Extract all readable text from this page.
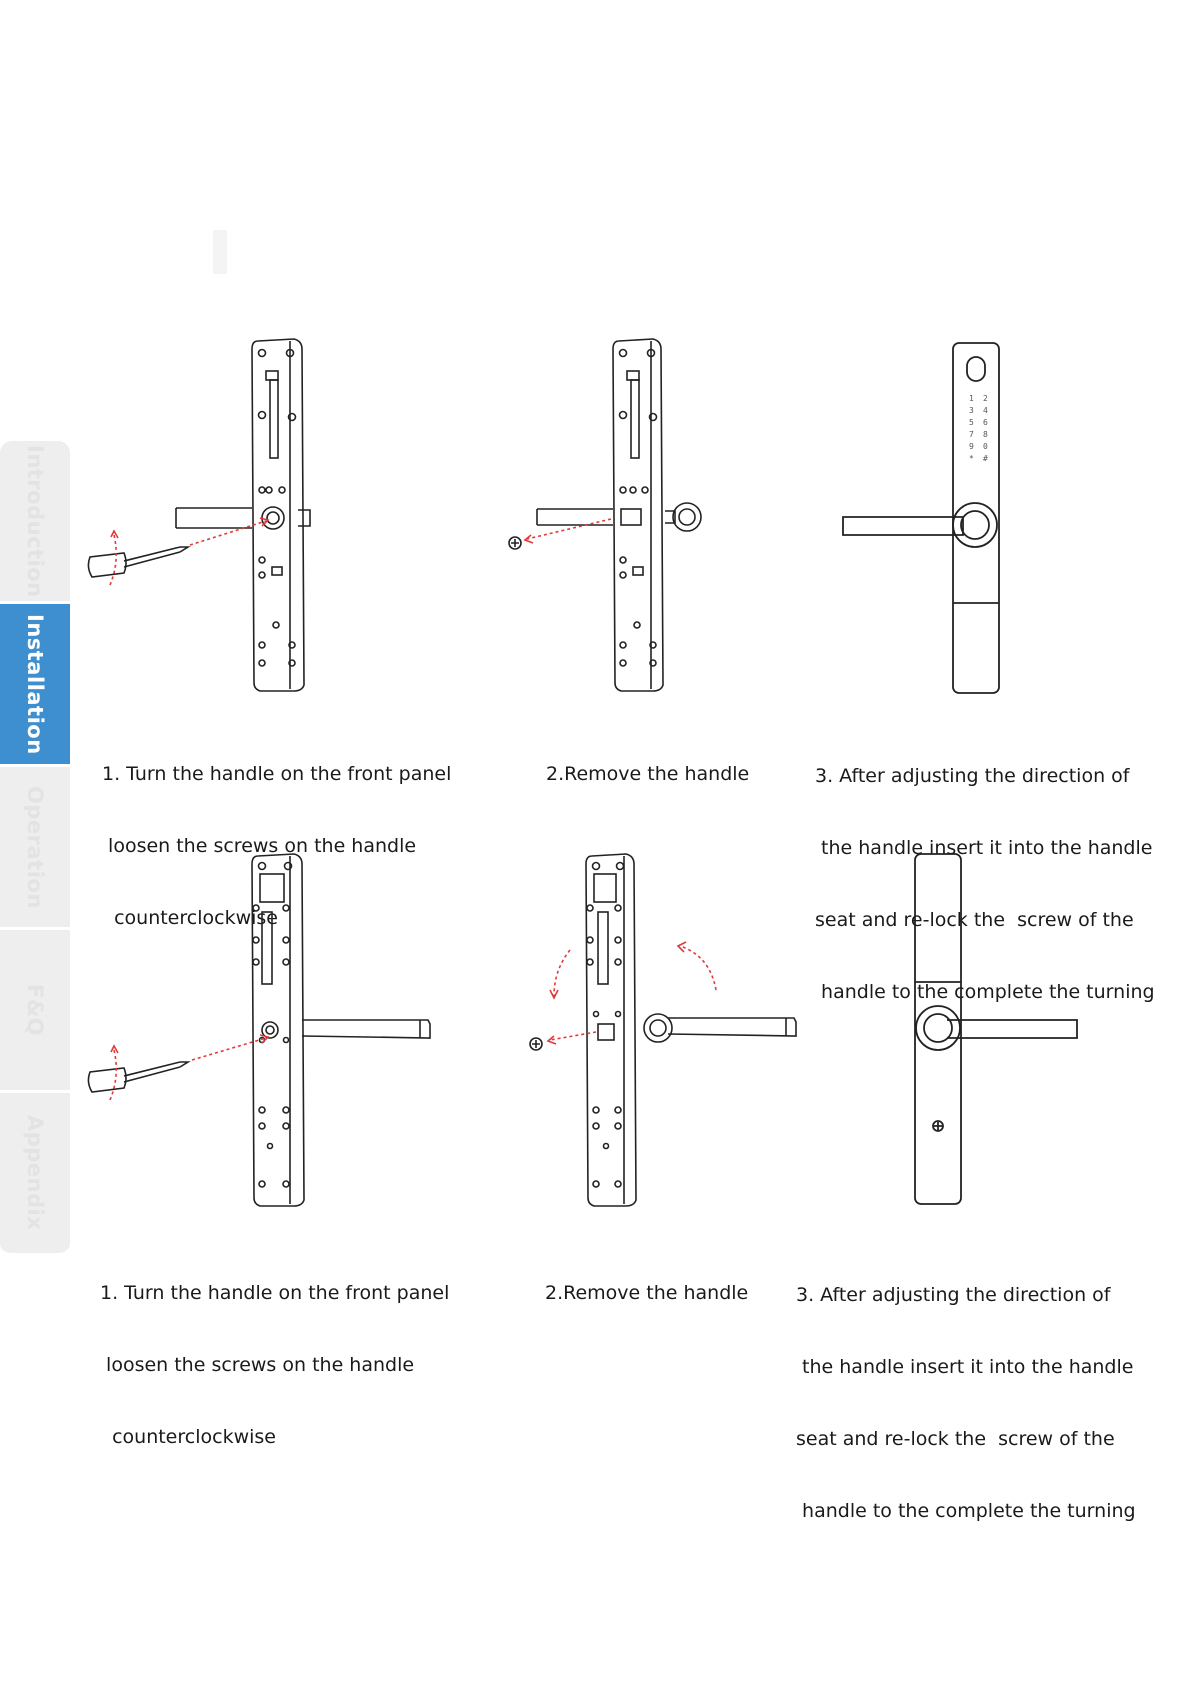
Introduction
Installation
Operation
F&Q
Appendix
1 2
3 4
5 6
7 8
9 0
* #

1. Turn the handle on the front panel

loosen the screws on the handle

counterclockwise

2.Remove the handle

	3. After adjusting the direction of

the handle insert it into the handle

seat and re-lock the  screw of the

handle to the complete the turning

1. Turn the handle on the front panel

loosen the screws on the handle

counterclockwise

2.Remove the handle

	3. After adjusting the direction of

the handle insert it into the handle

seat and re-lock the  screw of the

handle to the complete the turning
